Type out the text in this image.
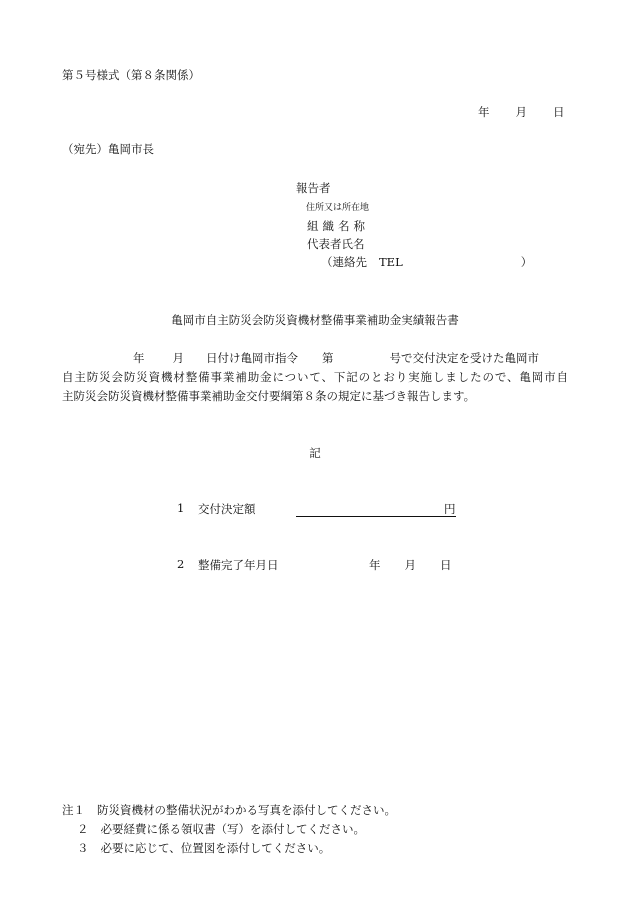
第５号様式（第８条関係）
年 月 日
（宛先）亀岡市長
報告者
住所又は所在地
組織名称
代表者氏名
（連絡先 TEL	）
亀岡市自主防災会防災資機材整備事業補助金実績報告書
年 月 日付け亀岡市指令 第	号で交付決定を受けた亀岡市
自主防災会防災資機材整備事業補助金について、下記のとおり実施しましたので、亀岡市自
主防災会防災資機材整備事業補助金交付要綱第８条の規定に基づき報告します。
記
1 交付決定額	円
2 整備完了年月日	年 月 日
注１ 防災資機材の整備状況がわかる写真を添付してください。
２ 必要経費に係る領収書（写）を添付してください。
３ 必要に応じて、位置図を添付してください。
